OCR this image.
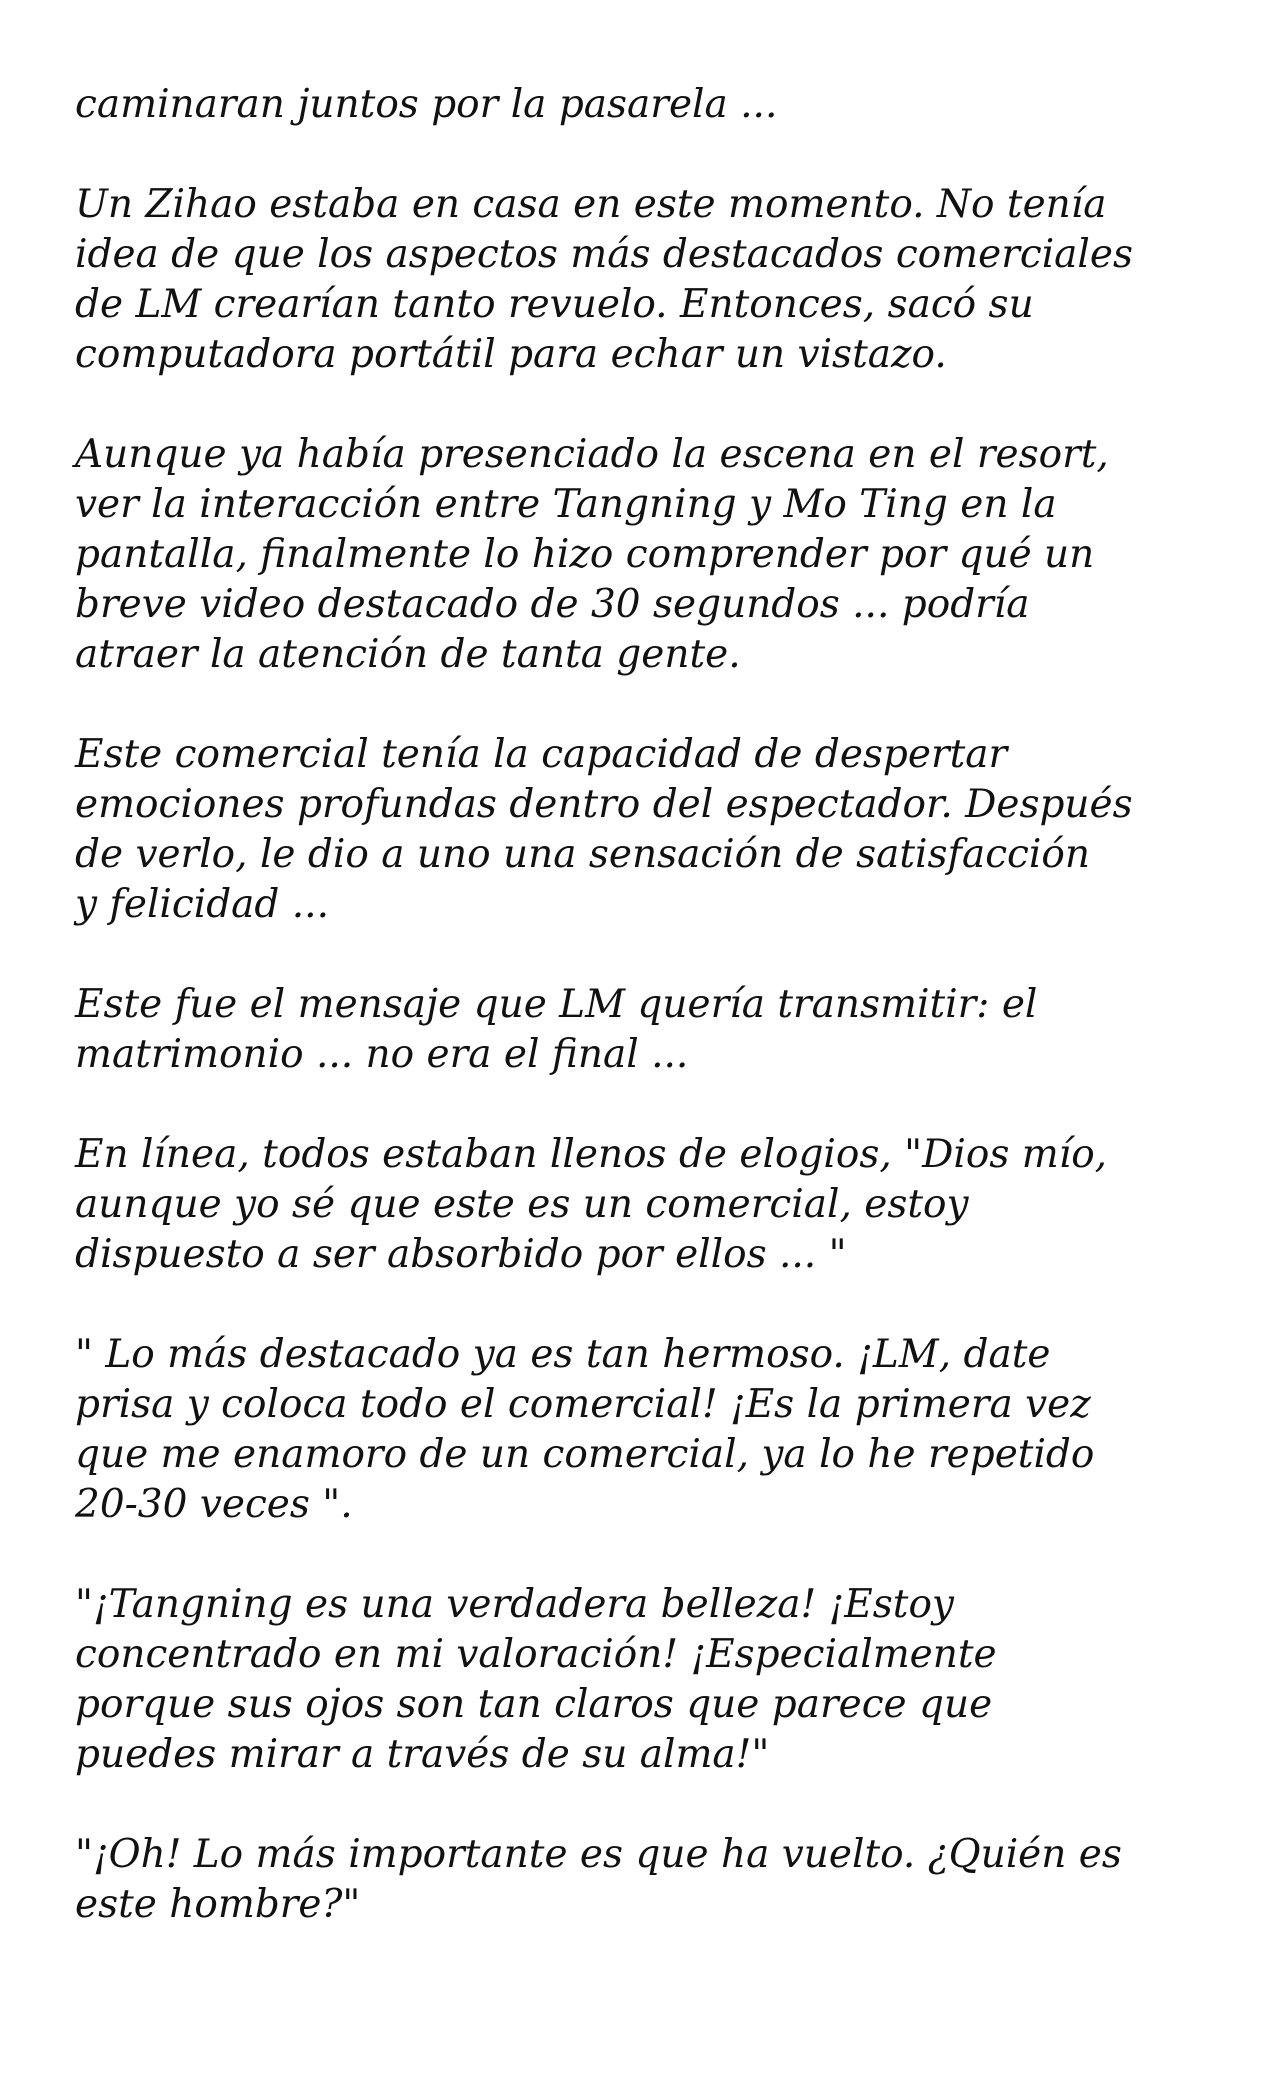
caminaran juntos por la pasarela ...

Un Zihao estaba en casa en este momento. No tenía
idea de que los aspectos más destacados comerciales
de LM crearían tanto revuelo. Entonces, sacó su
computadora portátil para echar un vistazo.

Aunque ya había presenciado la escena en el resort,
ver la interacción entre Tangning y Mo Ting en la
pantalla, finalmente lo hizo comprender por qué un
breve video destacado de 30 segundos ... podría
atraer la atención de tanta gente.

Este comercial tenía la capacidad de despertar
emociones profundas dentro del espectador. Después
de verlo, le dio a uno una sensación de satisfacción
y felicidad ...

Este fue el mensaje que LM quería transmitir: el
matrimonio ... no era el final ...

En línea, todos estaban llenos de elogios, "Dios mío,
aunque yo sé que este es un comercial, estoy
dispuesto a ser absorbido por ellos ... "

" Lo más destacado ya es tan hermoso. ¡LM, date
prisa y coloca todo el comercial! ¡Es la primera vez
que me enamoro de un comercial, ya lo he repetido
20-30 veces ".

"¡Tangning es una verdadera belleza! ¡Estoy
concentrado en mi valoración! ¡Especialmente
porque sus ojos son tan claros que parece que
puedes mirar a través de su alma!"

"¡Oh! Lo más importante es que ha vuelto. ¿Quién es
este hombre?"
